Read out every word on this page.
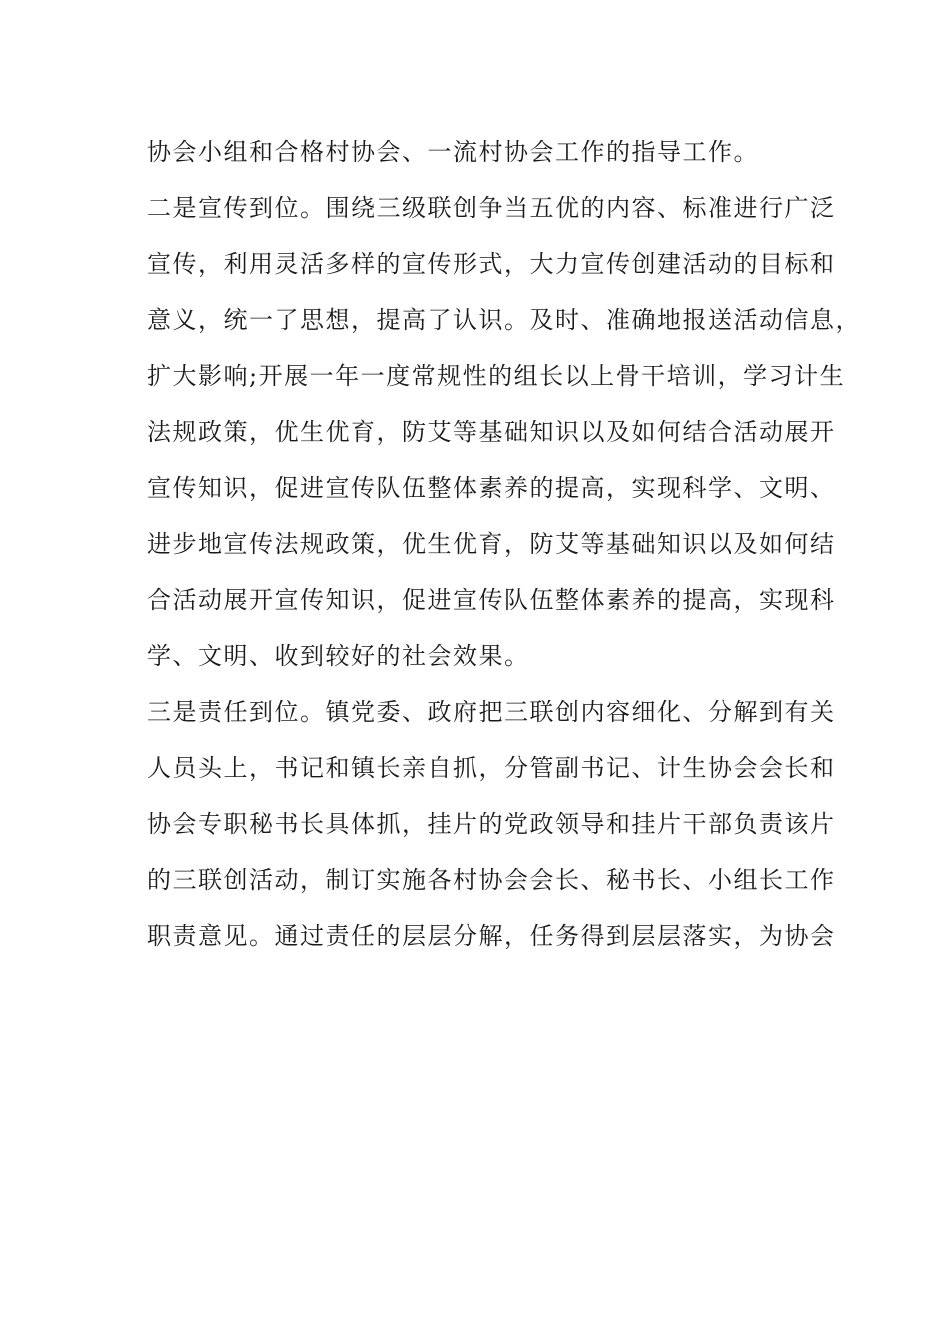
协会小组和合格村协会、一流村协会工作的指导工作。
二是宣传到位。围绕三级联创争当五优的内容、标准进行广泛
宣传，利用灵活多样的宣传形式，大力宣传创建活动的目标和
意义，统一了思想，提高了认识。及时、准确地报送活动信息，
扩大影响;开展一年一度常规性的组长以上骨干培训，学习计生
法规政策，优生优育，防艾等基础知识以及如何结合活动展开
宣传知识，促进宣传队伍整体素养的提高，实现科学、文明、
进步地宣传法规政策，优生优育，防艾等基础知识以及如何结
合活动展开宣传知识，促进宣传队伍整体素养的提高，实现科
学、文明、收到较好的社会效果。
三是责任到位。镇党委、政府把三联创内容细化、分解到有关
人员头上，书记和镇长亲自抓，分管副书记、计生协会会长和
协会专职秘书长具体抓，挂片的党政领导和挂片干部负责该片
的三联创活动，制订实施各村协会会长、秘书长、小组长工作
职责意见。通过责任的层层分解，任务得到层层落实，为协会
